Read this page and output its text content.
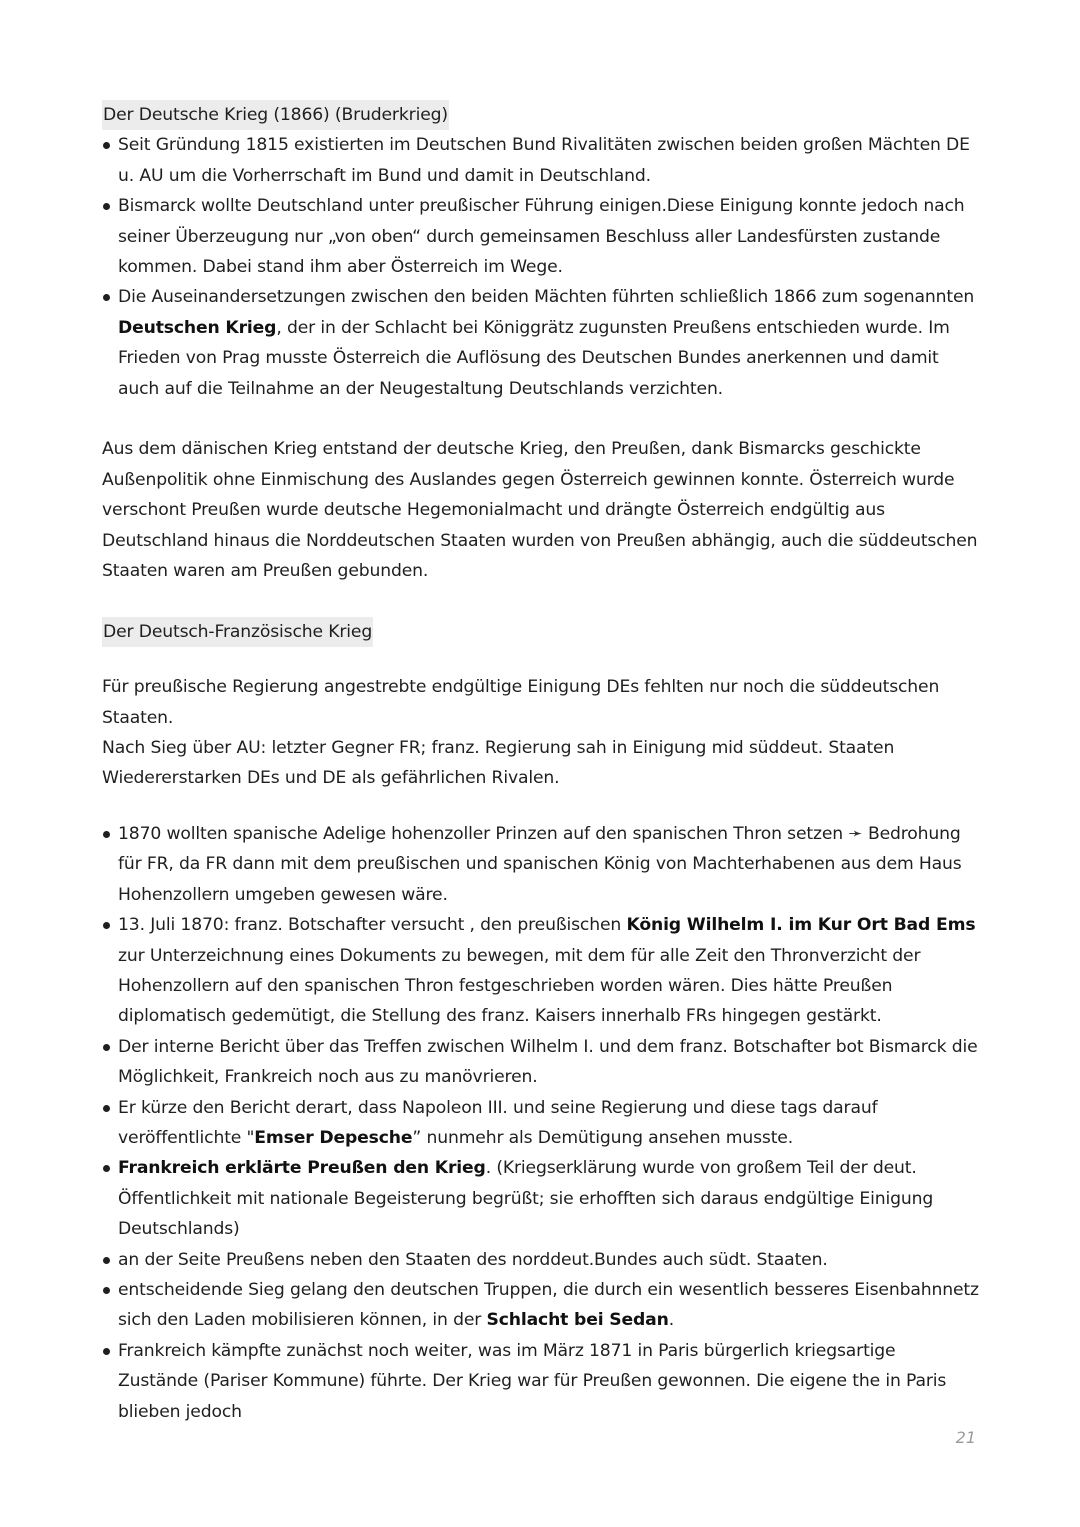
Der Deutsche Krieg (1866) (Bruderkrieg)
Seit Gründung 1815 existierten im Deutschen Bund Rivalitäten zwischen beiden großen Mächten DE u. AU um die Vorherrschaft im Bund und damit in Deutschland.
Bismarck wollte Deutschland unter preußischer Führung einigen.Diese Einigung konnte jedoch nach seiner Überzeugung nur „von oben“ durch gemeinsamen Beschluss aller Landesfürsten zustande kommen. Dabei stand ihm aber Österreich im Wege.
Die Auseinandersetzungen zwischen den beiden Mächten führten schließlich 1866 zum sogenannten Deutschen Krieg, der in der Schlacht bei Königgrätz zugunsten Preußens entschieden wurde. Im Frieden von Prag musste Österreich die Auflösung des Deutschen Bundes anerkennen und damit auch auf die Teilnahme an der Neugestaltung Deutschlands verzichten.

Aus dem dänischen Krieg entstand der deutsche Krieg, den Preußen, dank Bismarcks geschickte Außenpolitik ohne Einmischung des Auslandes gegen Österreich gewinnen konnte. Österreich wurde verschont Preußen wurde deutsche Hegemonialmacht und drängte Österreich endgültig aus Deutschland hinaus die Norddeutschen Staaten wurden von Preußen abhängig, auch die süddeutschen Staaten waren am Preußen gebunden.

Der Deutsch-Französische Krieg

Für preußische Regierung angestrebte endgültige Einigung DEs fehlten nur noch die süddeutschen Staaten.

Nach Sieg über AU: letzter Gegner FR; franz. Regierung sah in Einigung mid süddeut. Staaten Wiedererstarken DEs und DE als gefährlichen Rivalen.

1870 wollten spanische Adelige hohenzoller Prinzen auf den spanischen Thron setzen ➛ Bedrohung für FR, da FR dann mit dem preußischen und spanischen König von Machterhabenen aus dem Haus Hohenzollern umgeben gewesen wäre.
13. Juli 1870: franz. Botschafter versucht , den preußischen König Wilhelm I. im Kur Ort Bad Ems zur Unterzeichnung eines Dokuments zu bewegen, mit dem für alle Zeit den Thronverzicht der Hohenzollern auf den spanischen Thron festgeschrieben worden wären. Dies hätte Preußen diplomatisch gedemütigt, die Stellung des franz. Kaisers innerhalb FRs hingegen gestärkt.
Der interne Bericht über das Treffen zwischen Wilhelm I. und dem franz. Botschafter bot Bismarck die Möglichkeit, Frankreich noch aus zu manövrieren.
Er kürze den Bericht derart, dass Napoleon III. und seine Regierung und diese tags darauf veröffentlichte "Emser Depesche” nunmehr als Demütigung ansehen musste.
Frankreich erklärte Preußen den Krieg. (Kriegserklärung wurde von großem Teil der deut. Öffentlichkeit mit nationale Begeisterung begrüßt; sie erhofften sich daraus endgültige Einigung Deutschlands)
an der Seite Preußens neben den Staaten des norddeut.Bundes auch südt. Staaten.
entscheidende Sieg gelang den deutschen Truppen, die durch ein wesentlich besseres Eisenbahnnetz sich den Laden mobilisieren können, in der Schlacht bei Sedan.
Frankreich kämpfte zunächst noch weiter, was im März 1871 in Paris bürgerlich kriegsartige Zustände (Pariser Kommune) führte. Der Krieg war für Preußen gewonnen. Die eigene the in Paris blieben jedoch
21
